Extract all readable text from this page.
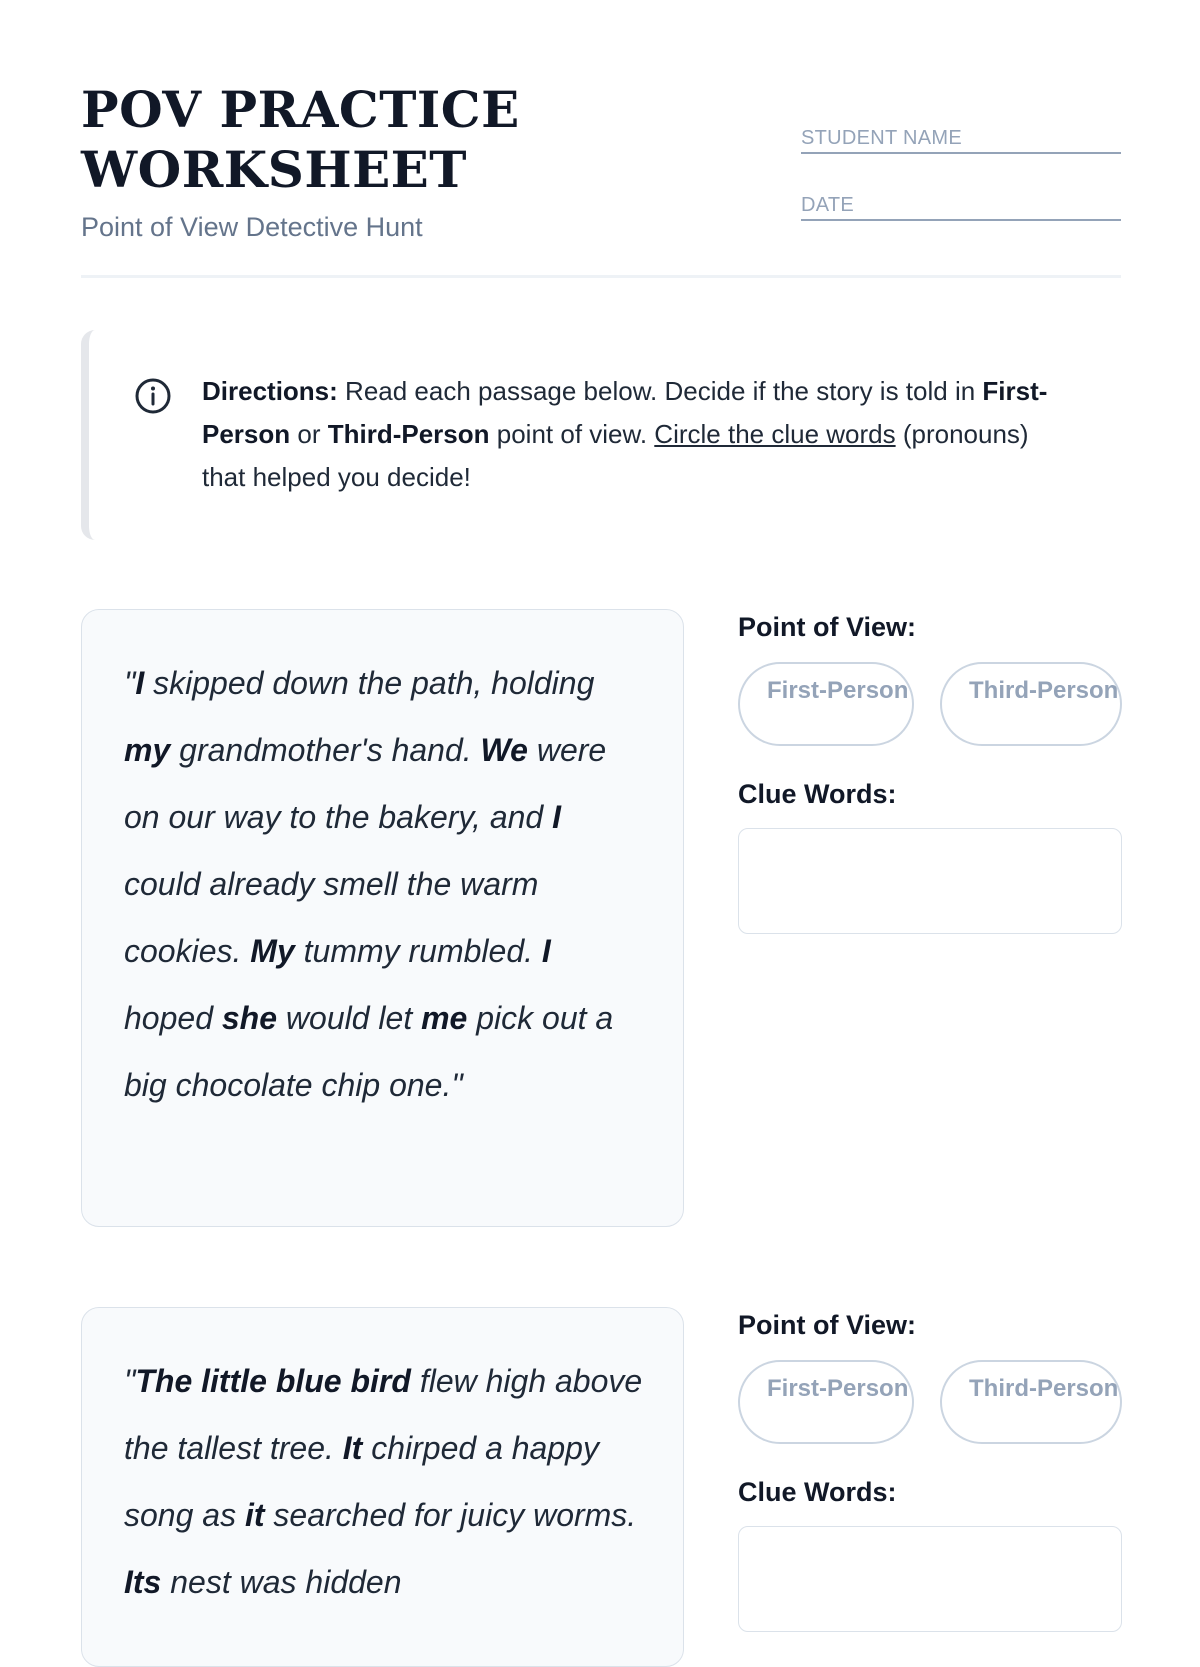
POV PRACTICE
WORKSHEET
Point of View Detective Hunt
STUDENT NAME
DATE

Directions: Read each passage below. Decide if the story is told in First-Person or Third-Person point of view. Circle the clue words (pronouns) that helped you decide!

"I skipped down the path, holding my grandmother's hand. We were on our way to the bakery, and I could already smell the warm cookies. My tummy rumbled. I hoped she would let me pick out a big chocolate chip one."

Point of View:
First-Person	Third-Person
Clue Words:

"The little blue bird flew high above the tallest tree. It chirped a happy song as it searched for juicy worms. Its nest was hidden

Point of View:
First-Person	Third-Person
Clue Words:
